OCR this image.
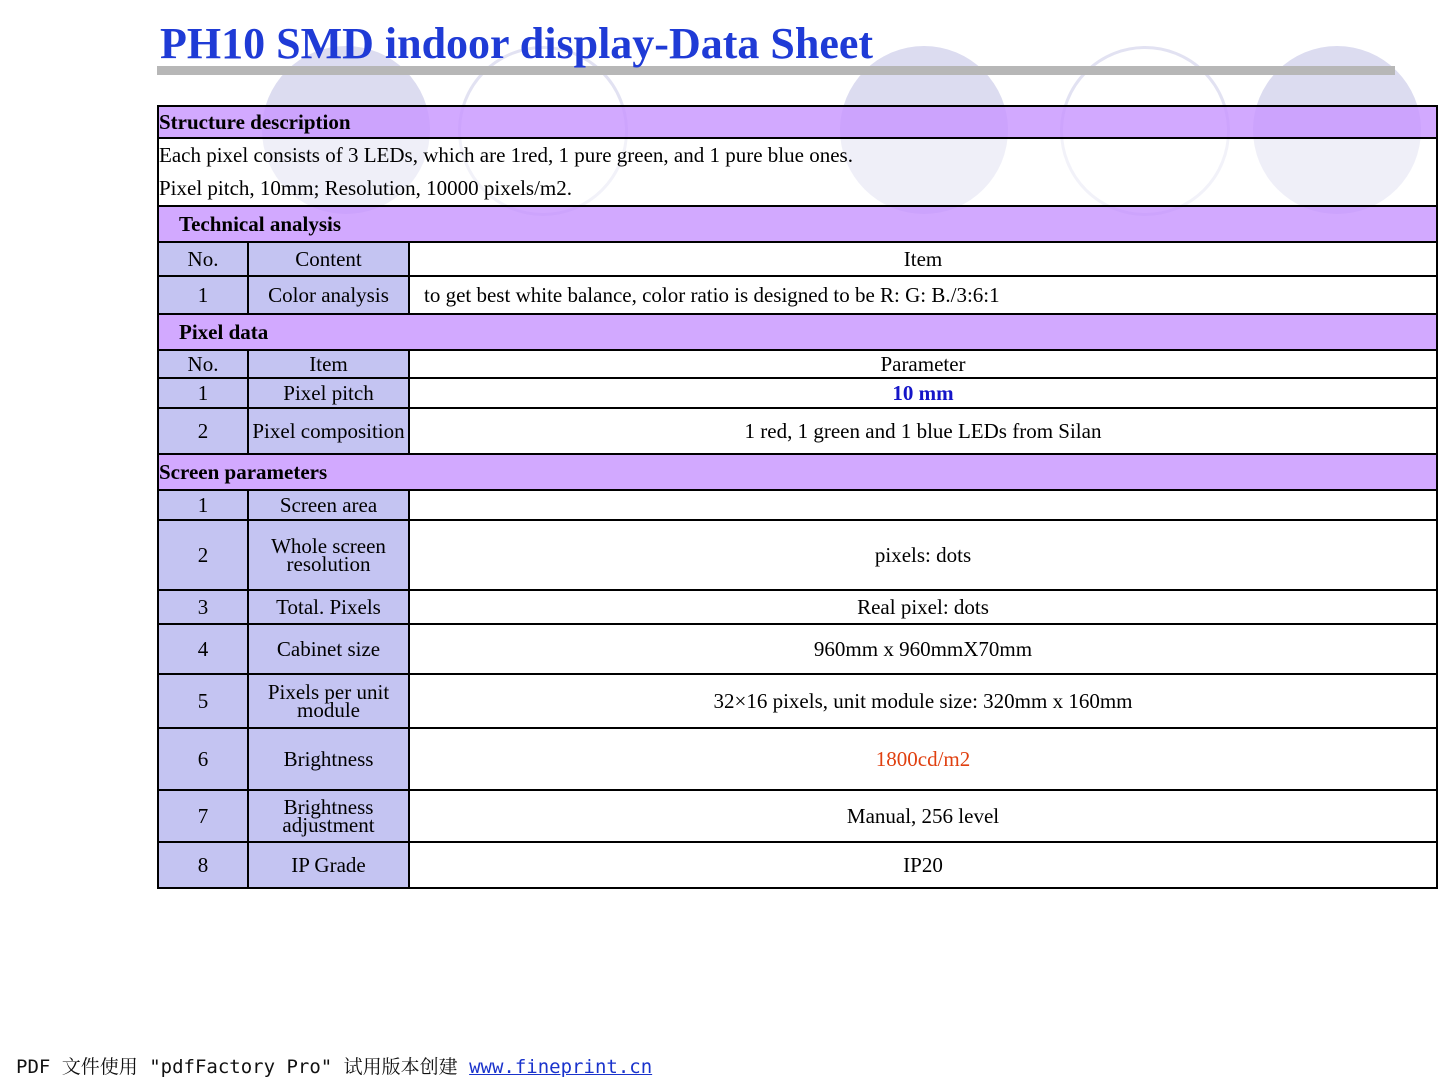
PH10 SMD indoor display-Data Sheet
Structure description		

Each pixel consists of 3 LEDs, which are 1red, 1 pure green, and 1 pure blue ones.
Pixel pitch, 10mm; Resolution, 10000 pixels/m2.		

Technical analysis		
No.	Content	Item
1	Color analysis	to get best white balance, color ratio is designed to be R: G: B./3:6:1
Pixel data		
No.	Item	Parameter
1	Pixel pitch	10 mm
2	Pixel composition	1 red, 1 green and 1 blue LEDs from Silan
Screen parameters		
1	Screen area	
2	Whole screen resolution	pixels: dots
3	Total. Pixels	Real pixel: dots
4	Cabinet size	960mm x 960mmX70mm
5	Pixels per unit module	32×16 pixels, unit module size: 320mm x 160mm
6	Brightness	1800cd/m2
7	Brightness adjustment	Manual, 256 level
8	IP Grade	IP20
PDF 文件使用 "pdfFactory Pro" 试用版本创建 www.fineprint.cn
